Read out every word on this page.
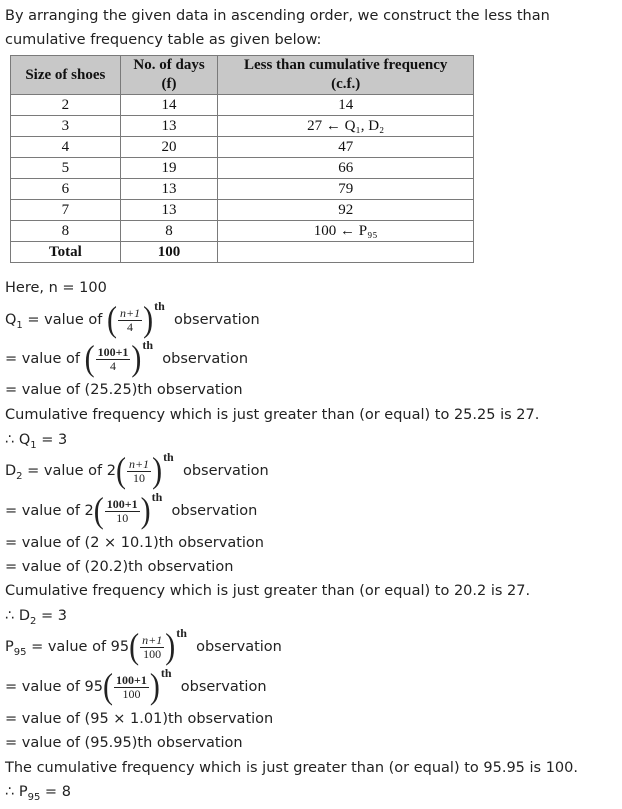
By arranging the given data in ascending order, we construct the less than cumulative frequency table as given below:
Size of shoes	No. of days (f)	Less than cumulative frequency (c.f.)

2	14	14
3	13	27 ← Q₁, D₂
4	20	47
5	19	66
6	13	79
7	13	92
8	8	100 ← P₉₅
Total	100	
Here, n = 100
$Q_1$ = value of ( $\frac{n+1}{4} )^{th}$  observation
= value of ( $\frac{100+1}{4} )^{th}$  observation
= value of (25.25)th observation
Cumulative frequency which is just greater than (or equal) to 25.25 is 27.
∴ $Q_1 = 3$
$D_2$ = value of $2( \frac{n+1}{10} )^{th}$  observation
= value of $2( \frac{100+1}{10} )^{th}$  observation
= value of (2 × 10.1)th observation
= value of (20.2)th observation
Cumulative frequency which is just greater than (or equal) to 20.2 is 27.
∴ $D_2 = 3$
$P_{95}$ = value of $95( \frac{n+1}{100} )^{th}$  observation
= value of $95( \frac{100+1}{100} )^{th}$  observation
= value of (95 × 1.01)th observation
= value of (95.95)th observation
The cumulative frequency which is just greater than (or equal) to 95.95 is 100.
∴ $P_{95} = 8$
